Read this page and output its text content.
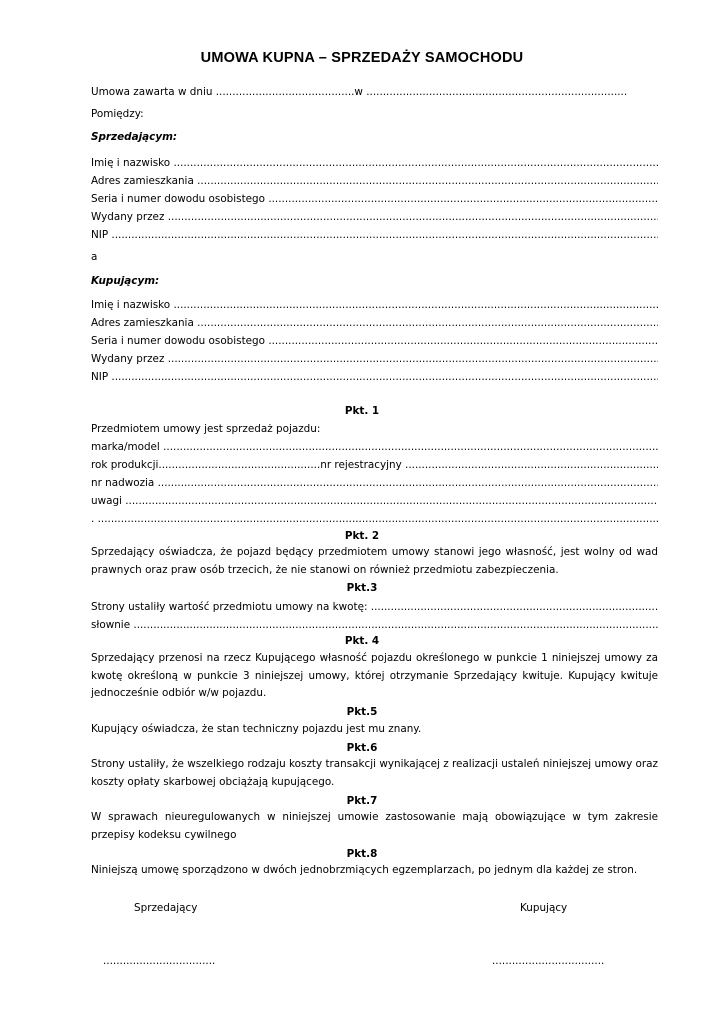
UMOWA KUPNA – SPRZEDAŻY SAMOCHODU
Umowa zawarta w dniu ..........................................w ...............................................................................
Pomiędzy:
Sprzedającym:
Imię i nazwisko .....
Adres zamieszkania .....
Seria i numer dowodu osobistego .....
Wydany przez .....
NIP .....
a
Kupującym:
Imię i nazwisko .....
Adres zamieszkania .....
Seria i numer dowodu osobistego .....
Wydany przez .....
NIP .....
Pkt. 1
Przedmiotem umowy jest sprzedaż pojazdu:
marka/model .....
rok produkcji.................................................nr rejestracyjny .....
nr nadwozia .....
uwagi .....
. .....
Pkt. 2
Sprzedający oświadcza, że pojazd będący przedmiotem umowy stanowi jego własność, jest wolny od wad prawnych oraz praw osób trzecich, że nie stanowi on również przedmiotu zabezpieczenia.
Pkt.3
Strony ustaliły wartość przedmiotu umowy na kwotę: .....
słownie .....
Pkt. 4
Sprzedający przenosi na rzecz Kupującego własność pojazdu określonego w punkcie 1 niniejszej umowy za kwotę określoną w punkcie 3 niniejszej umowy, której otrzymanie Sprzedający kwituje. Kupujący kwituje jednocześnie odbiór w/w pojazdu.
Pkt.5
Kupujący oświadcza, że stan techniczny pojazdu jest mu znany.
Pkt.6
Strony ustaliły, że wszelkiego rodzaju koszty transakcji wynikającej z realizacji ustaleń niniejszej umowy oraz koszty opłaty skarbowej obciążają kupującego.
Pkt.7
W sprawach nieuregulowanych w niniejszej umowie zastosowanie mają obowiązujące w tym zakresie przepisy kodeksu cywilnego
Pkt.8
Niniejszą umowę sporządzono w dwóch jednobrzmiących egzemplarzach, po jednym dla każdej ze stron.
Sprzedający	Kupujący
..................................	..................................
